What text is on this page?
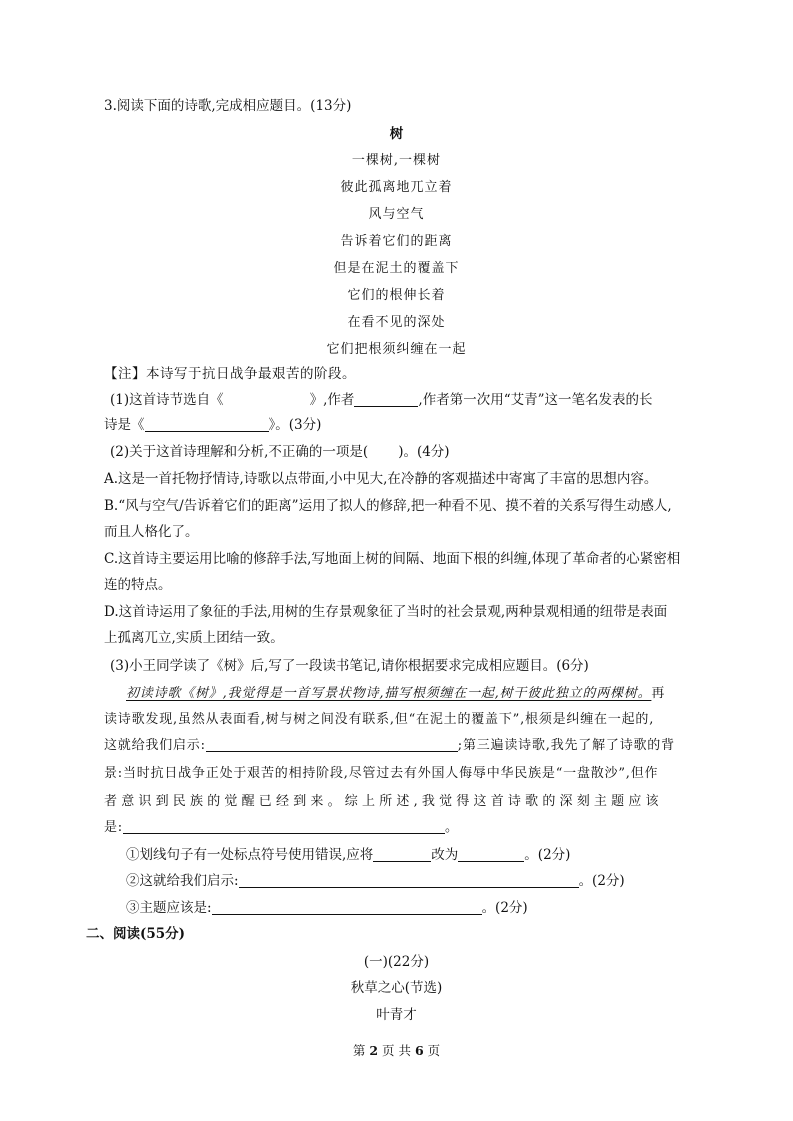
3.阅读下面的诗歌,完成相应题目。(13分)
树
一棵树,一棵树
彼此孤离地兀立着
风与空气
告诉着它们的距离
但是在泥土的覆盖下
它们的根伸长着
在看不见的深处
它们把根须纠缠在一起
【注】本诗写于抗日战争最艰苦的阶段。
(1)这首诗节选自《	》,作者	,作者第一次用“艾青”这一笔名发表的长
诗是《	》。(3分)
(2)关于这首诗理解和分析,不正确的一项是( )。(4分)
A.这是一首托物抒情诗,诗歌以点带面,小中见大,在冷静的客观描述中寄寓了丰富的思想内容。
B.“风与空气/告诉着它们的距离”运用了拟人的修辞,把一种看不见、摸不着的关系写得生动感人,
而且人格化了。
C.这首诗主要运用比喻的修辞手法,写地面上树的间隔、地面下根的纠缠,体现了革命者的心紧密相
连的特点。
D.这首诗运用了象征的手法,用树的生存景观象征了当时的社会景观,两种景观相通的纽带是表面
上孤离兀立,实质上团结一致。
(3)小王同学读了《树》后,写了一段读书笔记,请你根据要求完成相应题目。(6分)
初读诗歌《树》,我觉得是一首写景状物诗,描写根须缠在一起,树干彼此独立的两棵树。再
读诗歌发现,虽然从表面看,树与树之间没有联系,但“在泥土的覆盖下”,根须是纠缠在一起的,
这就给我们启示:	;第三遍读诗歌,我先了解了诗歌的背
景:当时抗日战争正处于艰苦的相持阶段,尽管过去有外国人侮辱中华民族是“一盘散沙”,但作
者意识到民族的觉醒已经到来。综上所述,我觉得这首诗歌的深刻主题应该
是:	。
①划线句子有一处标点符号使用错误,应将	改为	。(2分)
②这就给我们启示:	。(2分)
③主题应该是:	。(2分)
二、阅读(55分)
(一)(22分)
秋草之心(节选)
叶青才
第 2 页 共 6 页
